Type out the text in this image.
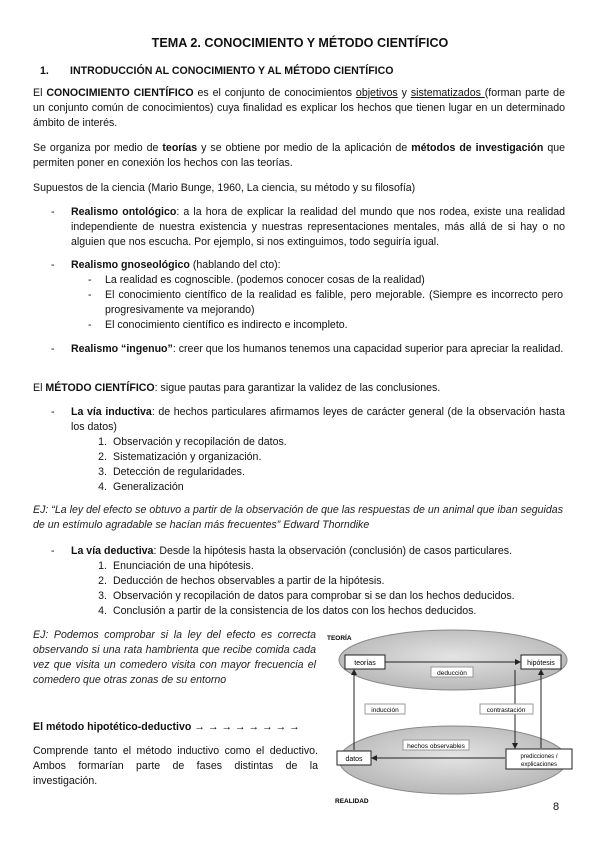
TEMA 2. CONOCIMIENTO Y MÉTODO CIENTÍFICO
1. INTRODUCCIÓN AL CONOCIMIENTO Y AL MÉTODO CIENTÍFICO

El CONOCIMIENTO CIENTÍFICO es el conjunto de conocimientos objetivos y sistematizados (forman parte de un conjunto común de conocimientos) cuya finalidad es explicar los hechos que tienen lugar en un determinado ámbito de interés.

Se organiza por medio de teorías y se obtiene por medio de la aplicación de métodos de investigación que permiten poner en conexión los hechos con las teorías.

Supuestos de la ciencia (Mario Bunge, 1960, La ciencia, su método y su filosofía)

- Realismo ontológico: a la hora de explicar la realidad del mundo que nos rodea, existe una realidad independiente de nuestra existencia y nuestras representaciones mentales, más allá de si hay o no alguien que nos escucha. Por ejemplo, si nos extinguimos, todo seguiría igual.
- Realismo gnoseológico (hablando del cto):
- La realidad es cognoscible. (podemos conocer cosas de la realidad)
- El conocimiento científico de la realidad es falible, pero mejorable. (Siempre es incorrecto pero progresivamente va mejorando)
- El conocimiento científico es indirecto e incompleto.
- Realismo “ingenuo”: creer que los humanos tenemos una capacidad superior para apreciar la realidad.

El MÉTODO CIENTÍFICO: sigue pautas para garantizar la validez de las conclusiones.

- La vía inductiva: de hechos particulares afirmamos leyes de carácter general (de la observación hasta los datos)
1. Observación y recopilación de datos.
2. Sistematización y organización.
3. Detección de regularidades.
4. Generalización
EJ: “La ley del efecto se obtuvo a partir de la observación de que las respuestas de un animal que iban seguidas de un estímulo agradable se hacían más frecuentes” Edward Thorndike
- La vía deductiva: Desde la hipótesis hasta la observación (conclusión) de casos particulares.
1. Enunciación de una hipótesis.
2. Deducción de hechos observables a partir de la hipótesis.
3. Observación y recopilación de datos para comprobar si se dan los hechos deducidos.
4. Conclusión a partir de la consistencia de los datos con los hechos deducidos.
EJ: Podemos comprobar si la ley del efecto es correcta observando si una rata hambrienta que recibe comida cada vez que visita un comedero visita con mayor frecuencia el comedero que otras zonas de su entorno
El método hipotético-deductivo → → → → → → → →

Comprende tanto el método inductivo como el deductivo. Ambos formarían parte de fases distintas de la investigación.

TEORÍA
REALIDAD
teorías	hipótesis
deducción
datos	predicciones /
explicaciones
inducción	contrastación
hechos observables
8
